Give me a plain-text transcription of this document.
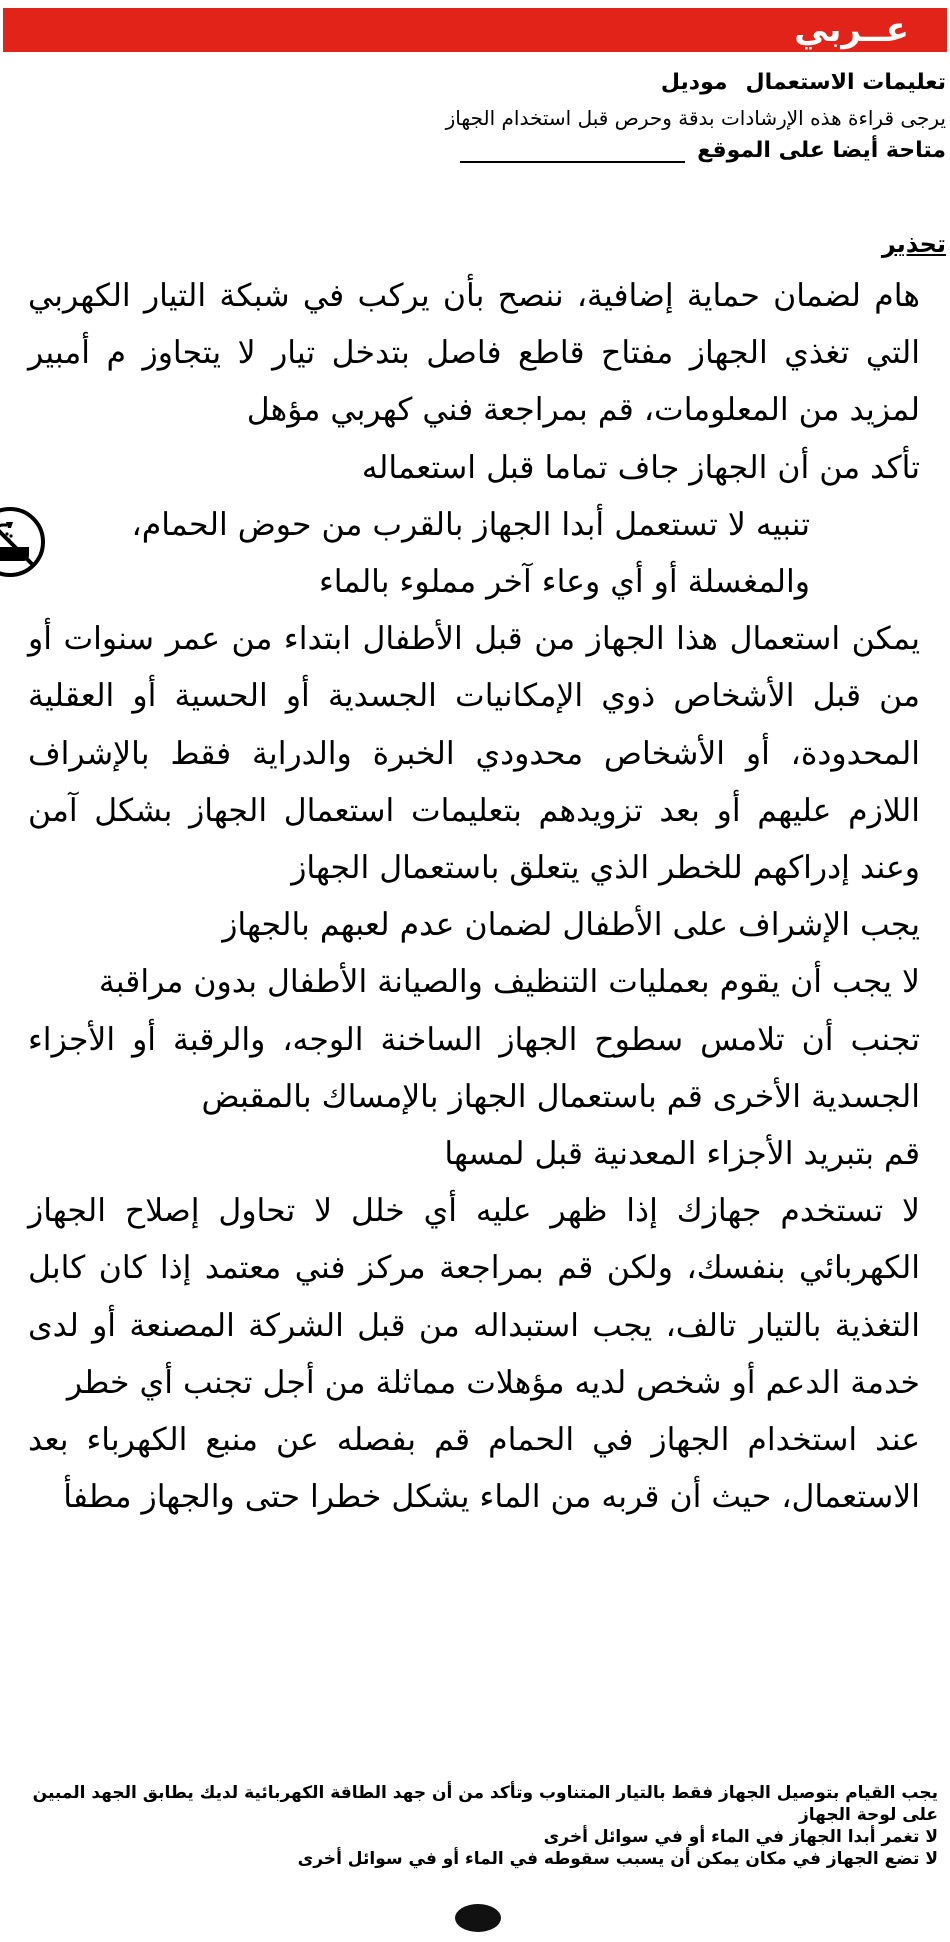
عــربي
تعليمات الاستعمالموديل
يرجى قراءة هذه الإرشادات بدقة وحرص قبل استخدام الجهاز
متاحة أيضا على الموقع
تحذير

هام لضمان حماية إضافية، ننصح بأن يركب في شبكة التيار الكهربي التي تغذي الجهاز مفتاح قاطع فاصل بتدخل تيار لا يتجاوز م أمبير لمزيد من المعلومات، قم بمراجعة فني كهربي مؤهل

تأكد من أن الجهاز جاف تماما قبل استعماله

تنبيه لا تستعمل أبدا الجهاز بالقرب من حوض الحمام، والمغسلة أو أي وعاء آخر مملوء بالماء

يمكن استعمال هذا الجهاز من قبل الأطفال ابتداء من عمر سنوات أو من قبل الأشخاص ذوي الإمكانيات الجسدية أو الحسية أو العقلية المحدودة، أو الأشخاص محدودي الخبرة والدراية فقط بالإشراف اللازم عليهم أو بعد تزويدهم بتعليمات استعمال الجهاز بشكل آمن وعند إدراكهم للخطر الذي يتعلق باستعمال الجهاز

يجب الإشراف على الأطفال لضمان عدم لعبهم بالجهاز

لا يجب أن يقوم بعمليات التنظيف والصيانة الأطفال بدون مراقبة

تجنب أن تلامس سطوح الجهاز الساخنة الوجه، والرقبة أو الأجزاء الجسدية الأخرى قم باستعمال الجهاز بالإمساك بالمقبض

قم بتبريد الأجزاء المعدنية قبل لمسها

لا تستخدم جهازك إذا ظهر عليه أي خلل لا تحاول إصلاح الجهاز الكهربائي بنفسك، ولكن قم بمراجعة مركز فني معتمد إذا كان كابل التغذية بالتيار تالف، يجب استبداله من قبل الشركة المصنعة أو لدى خدمة الدعم أو شخص لديه مؤهلات مماثلة من أجل تجنب أي خطر

عند استخدام الجهاز في الحمام قم بفصله عن منبع الكهرباء بعد الاستعمال، حيث أن قربه من الماء يشكل خطرا حتى والجهاز مطفأ

يجب القيام بتوصيل الجهاز فقط بالتيار المتناوب وتأكد من أن جهد الطاقة الكهربائية لديك يطابق الجهد المبين على لوحة الجهاز

لا تغمر أبدا الجهاز في الماء أو في سوائل أخرى

لا تضع الجهاز في مكان يمكن أن يسبب سقوطه في الماء أو في سوائل أخرى
